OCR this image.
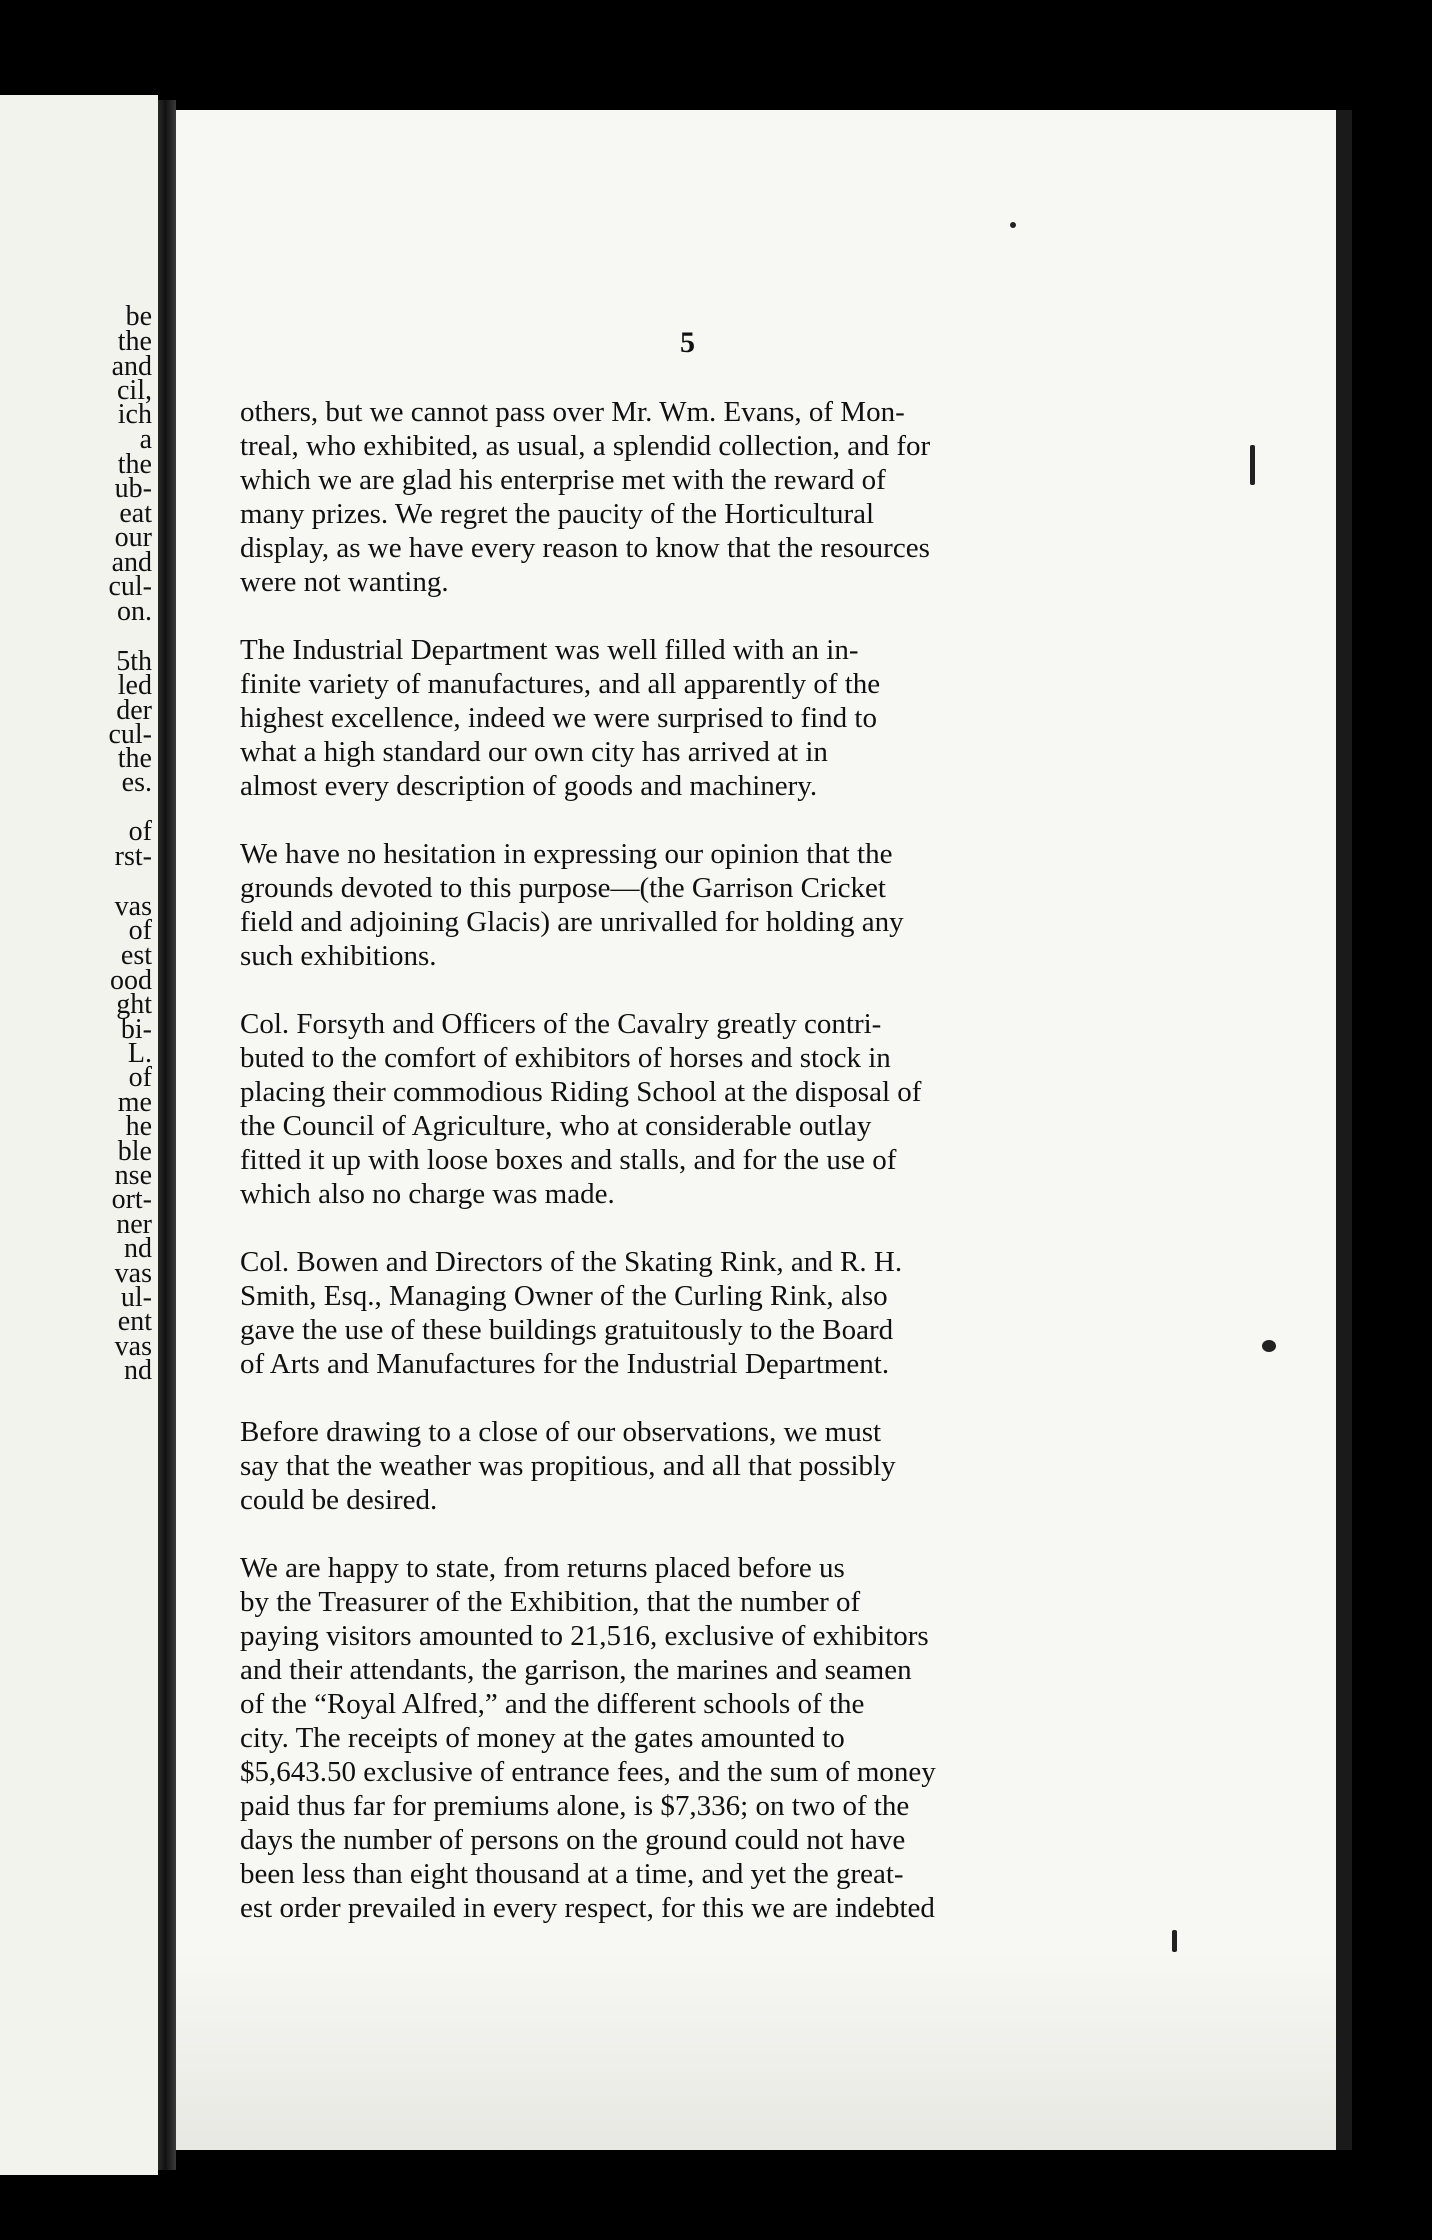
be
the
and
cil,
ich
a
the
ub-
eat
our
and
cul-
on.
5th
led
der
cul-
the
es.
of
rst-
vas
of
est
ood
ght
bi-
L.
of
me
he
ble
nse
ort-
ner
nd
vas
ul-
ent
vas
nd
5

others, but we cannot pass over Mr. Wm. Evans, of Mon-
treal, who exhibited, as usual, a splendid collection, and for
which we are glad his enterprise met with the reward of
many prizes. We regret the paucity of the Horticultural
display, as we have every reason to know that the resources
were not wanting.

The Industrial Department was well filled with an in-
finite variety of manufactures, and all apparently of the
highest excellence, indeed we were surprised to find to
what a high standard our own city has arrived at in
almost every description of goods and machinery.

We have no hesitation in expressing our opinion that the
grounds devoted to this purpose—(the Garrison Cricket
field and adjoining Glacis) are unrivalled for holding any
such exhibitions.

Col. Forsyth and Officers of the Cavalry greatly contri-
buted to the comfort of exhibitors of horses and stock in
placing their commodious Riding School at the disposal of
the Council of Agriculture, who at considerable outlay
fitted it up with loose boxes and stalls, and for the use of
which also no charge was made.

Col. Bowen and Directors of the Skating Rink, and R. H.
Smith, Esq., Managing Owner of the Curling Rink, also
gave the use of these buildings gratuitously to the Board
of Arts and Manufactures for the Industrial Department.

Before drawing to a close of our observations, we must
say that the weather was propitious, and all that possibly
could be desired.

We are happy to state, from returns placed before us
by the Treasurer of the Exhibition, that the number of
paying visitors amounted to 21,516, exclusive of exhibitors
and their attendants, the garrison, the marines and seamen
of the “Royal Alfred,” and the different schools of the
city. The receipts of money at the gates amounted to
$5,643.50 exclusive of entrance fees, and the sum of money
paid thus far for premiums alone, is $7,336; on two of the
days the number of persons on the ground could not have
been less than eight thousand at a time, and yet the great-
est order prevailed in every respect, for this we are indebted
